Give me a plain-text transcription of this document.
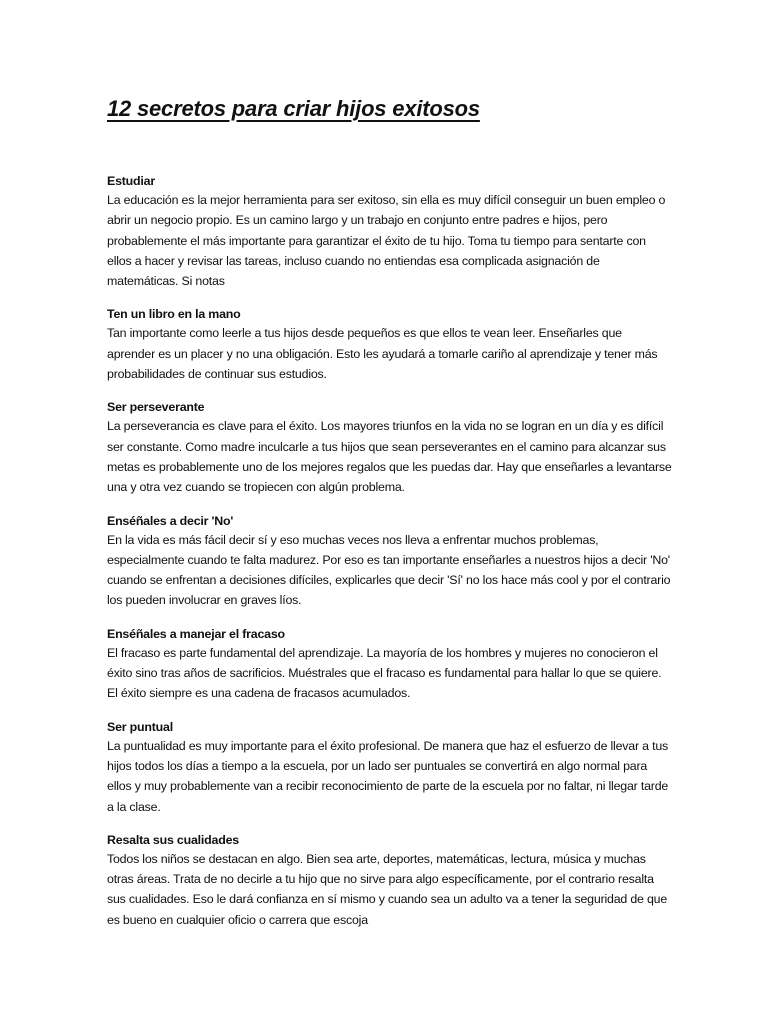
12 secretos para criar hijos exitosos
Estudiar

La educación es la mejor herramienta para ser exitoso, sin ella es muy difícil conseguir un buen empleo o abrir un negocio propio. Es un camino largo y un trabajo en conjunto entre padres e hijos, pero probablemente el más importante para garantizar el éxito de tu hijo. Toma tu tiempo para sentarte con ellos a hacer y revisar las tareas, incluso cuando no entiendas esa complicada asignación de matemáticas. Si notas

Ten un libro en la mano

Tan importante como leerle a tus hijos desde pequeños es que ellos te vean leer. Enseñarles que aprender es un placer y no una obligación. Esto les ayudará a tomarle cariño al aprendizaje y tener más probabilidades de continuar sus estudios.

Ser perseverante

La perseverancia es clave para el éxito. Los mayores triunfos en la vida no se logran en un día y es difícil ser constante. Como madre inculcarle a tus hijos que sean perseverantes en el camino para alcanzar sus metas es probablemente uno de los mejores regalos que les puedas dar. Hay que enseñarles a levantarse una y otra vez cuando se tropiecen con algún problema.

Enséñales a decir 'No'

En la vida es más fácil decir sí y eso muchas veces nos lleva a enfrentar muchos problemas, especialmente cuando te falta madurez. Por eso es tan importante enseñarles a nuestros hijos a decir 'No' cuando se enfrentan a decisiones difíciles, explicarles que decir 'Sí' no los hace más cool y por el contrario los pueden involucrar en graves líos.

Enséñales a manejar el fracaso

El fracaso es parte fundamental del aprendizaje. La mayoría de los hombres y mujeres no conocieron el éxito sino tras años de sacrificios. Muéstrales que el fracaso es fundamental para hallar lo que se quiere. El éxito siempre es una cadena de fracasos acumulados.

Ser puntual

La puntualidad es muy importante para el éxito profesional. De manera que haz el esfuerzo de llevar a tus hijos todos los días a tiempo a la escuela, por un lado ser puntuales se convertirá en algo normal para ellos y muy probablemente van a recibir reconocimiento de parte de la escuela por no faltar, ni llegar tarde a la clase.

Resalta sus cualidades

Todos los niños se destacan en algo. Bien sea arte, deportes, matemáticas, lectura, música y muchas otras áreas. Trata de no decirle a tu hijo que no sirve para algo específicamente, por el contrario resalta sus cualidades. Eso le dará confianza en sí mismo y cuando sea un adulto va a tener la seguridad de que es bueno en cualquier oficio o carrera que escoja
